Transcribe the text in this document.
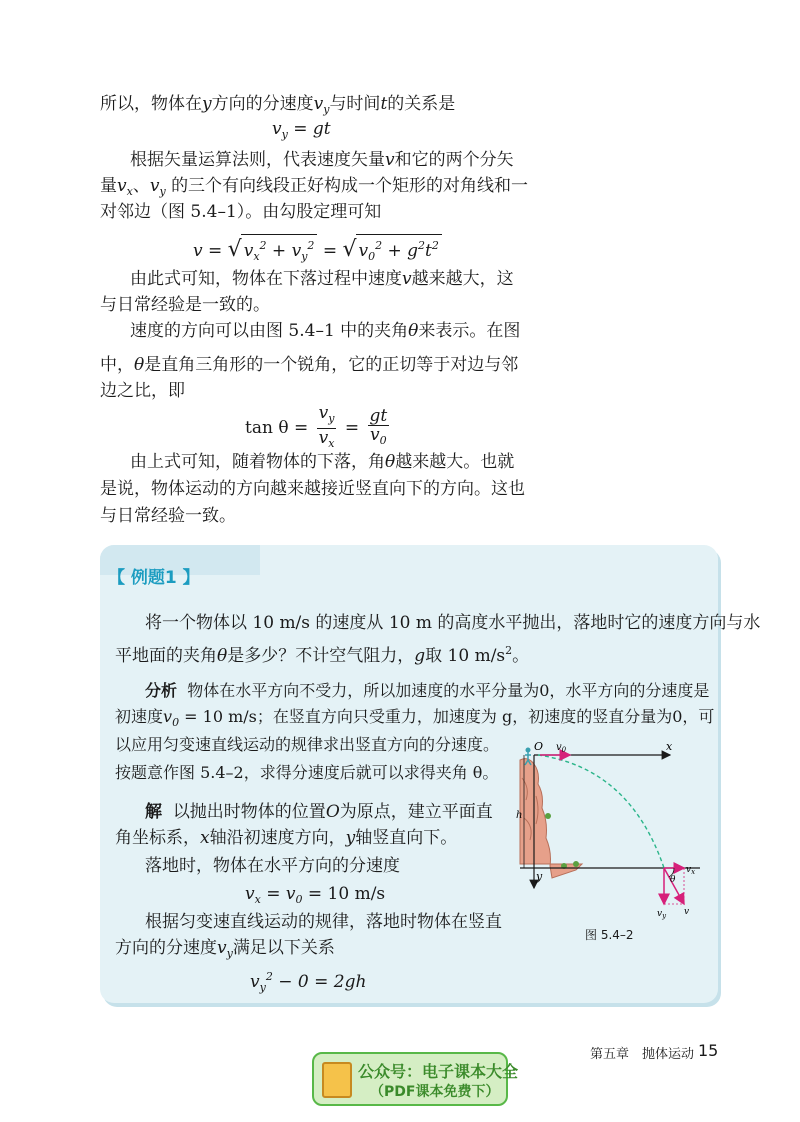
所以，物体在y方向的分速度$v_y$与时间t的关系是
$v_y$ = gt
根据矢量运算法则，代表速度矢量v和它的两个分矢
量$v_x$、$v_y$ 的三个有向线段正好构成一个矩形的对角线和一
对邻边（图 5.4–1）。由勾股定理可知
v = √ $v_x^2 + v_y^2$ = √ $v_0^2 + g^2t^2$
由此式可知，物体在下落过程中速度v越来越大，这
与日常经验是一致的。
速度的方向可以由图 5.4–1 中的夹角θ来表示。在图
中，θ是直角三角形的一个锐角，它的正切等于对边与邻
边之比，即
$\tan \theta = \frac{v_y}{v_x} = \frac{gt}{v_0}$
由上式可知，随着物体的下落，角θ越来越大。也就
是说，物体运动的方向越来越接近竖直向下的方向。这也
与日常经验一致。
【 例题1 】
将一个物体以 10 m/s 的速度从 10 m 的高度水平抛出，落地时它的速度方向与水
平地面的夹角θ是多少？不计空气阻力，g取 10 $m/s^2$。
分析 物体在水平方向不受力，所以加速度的水平分量为0，水平方向的分速度是
初速度$v_0 = 10$ m/s；在竖直方向只受重力，加速度为 g，初速度的竖直分量为0，可
以应用匀变速直线运动的规律求出竖直方向的分速度。
按题意作图 5.4–2，求得分速度后就可以求得夹角 θ。
解 以抛出时物体的位置O为原点，建立平面直
角坐标系，x轴沿初速度方向，y轴竖直向下。
落地时，物体在水平方向的分速度
$v_x = v_0 = 10$ m/s
根据匀变速直线运动的规律，落地时物体在竖直
方向的分速度$v_y$满足以下关系
$v_y^2 - 0 = 2gh$
O $v_0$	x
y
h
θ
$v_x$
$v_y$ v
图 5.4–2
第五章　抛体运动 15
公众号：电子课本大全
（PDF课本免费下）
